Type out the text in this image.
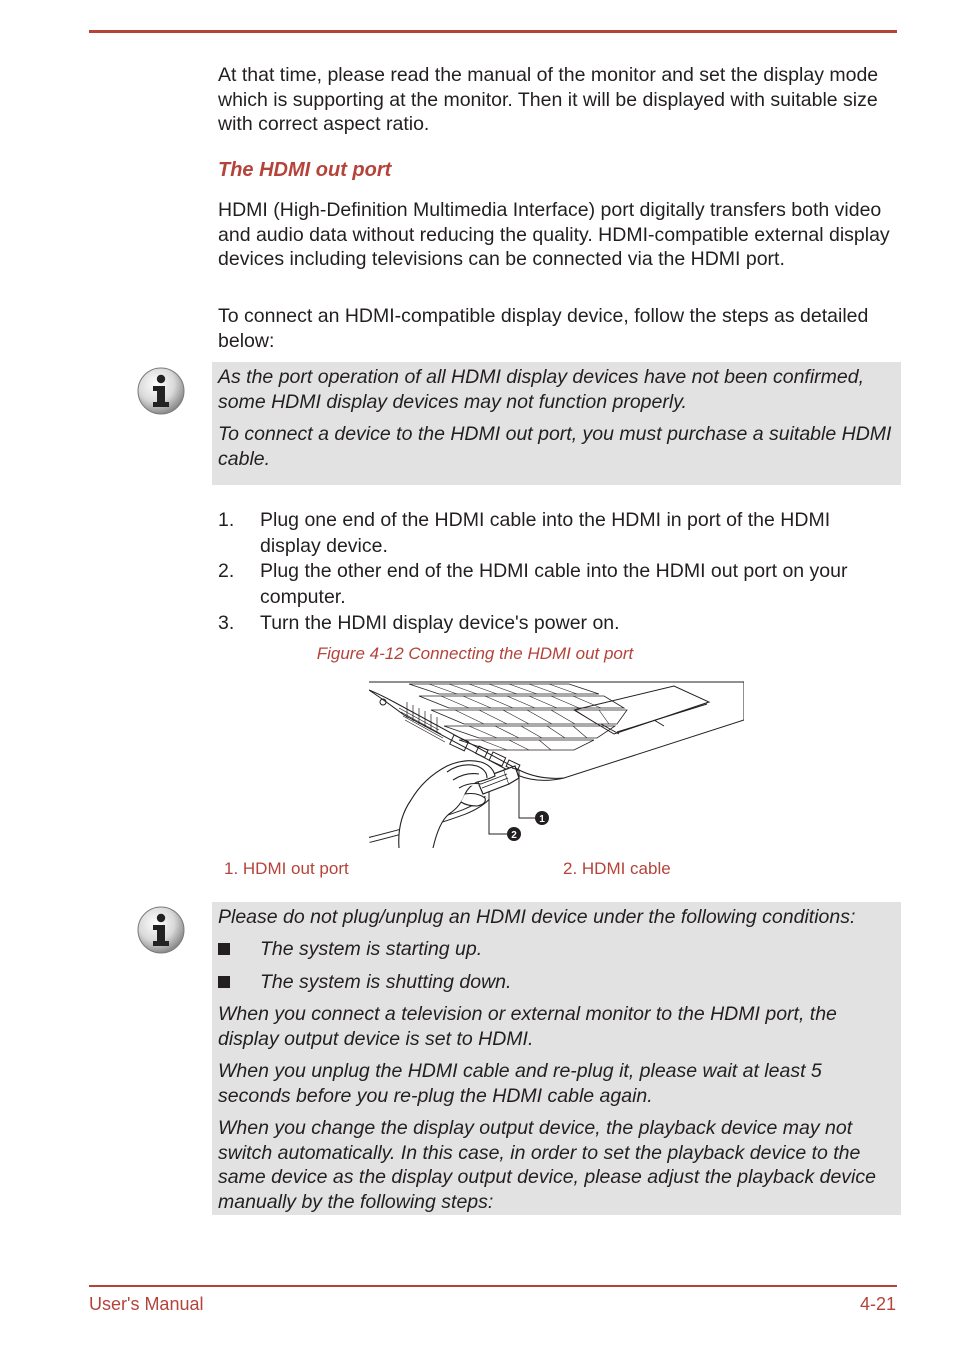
At that time, please read the manual of the monitor and set the display mode which is supporting at the monitor. Then it will be displayed with suitable size with correct aspect ratio.

The HDMI out port

HDMI (High-Definition Multimedia Interface) port digitally transfers both video and audio data without reducing the quality. HDMI-compatible external display devices including televisions can be connected via the HDMI port.

To connect an HDMI-compatible display device, follow the steps as detailed below:

As the port operation of all HDMI display devices have not been confirmed, some HDMI display devices may not function properly.

To connect a device to the HDMI out port, you must purchase a suitable HDMI cable.

1. Plug one end of the HDMI cable into the HDMI in port of the HDMI display device.

2. Plug the other end of the HDMI cable into the HDMI out port on your computer.

3. Turn the HDMI display device's power on.

Figure 4-12 Connecting the HDMI out port
1
2
1. HDMI out port	2. HDMI cable

Please do not plug/unplug an HDMI device under the following conditions:

The system is starting up.
The system is shutting down.

When you connect a television or external monitor to the HDMI port, the display output device is set to HDMI.

When you unplug the HDMI cable and re-plug it, please wait at least 5 seconds before you re-plug the HDMI cable again.

When you change the display output device, the playback device may not switch automatically. In this case, in order to set the playback device to the same device as the display output device, please adjust the playback device manually by the following steps:

User's Manual	4-21
